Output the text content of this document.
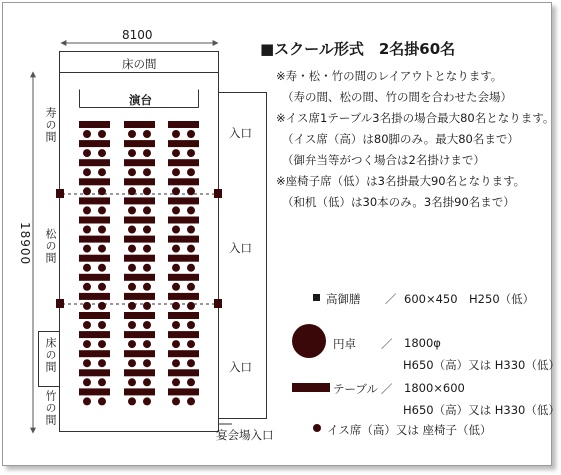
■スクール形式　2名掛60名
※寿・松・竹の間のレイアウトとなります。
（寿の間、松の間、竹の間を合わせた会場）
※イス席1テーブル3名掛の場合最大80名となります。
（イス席（高）は80脚のみ。最大80名まで）
（御弁当等がつく場合は2名掛けまで）
※座椅子席（低）は3名掛最大90名となります。
（和机（低）は30本のみ。3名掛90名まで）
8100
18900
床の間
演台
寿の間
松の間
竹の間
床の間
入口
入口
入口
宴会場入口
高御膳 ／ 600×450　H250（低）
円卓 ／ 1800φ
H650（高）又は H330（低）
テーブル ／ 1800×600
H650（高）又は H330（低）
イス席（高）又は 座椅子（低）
